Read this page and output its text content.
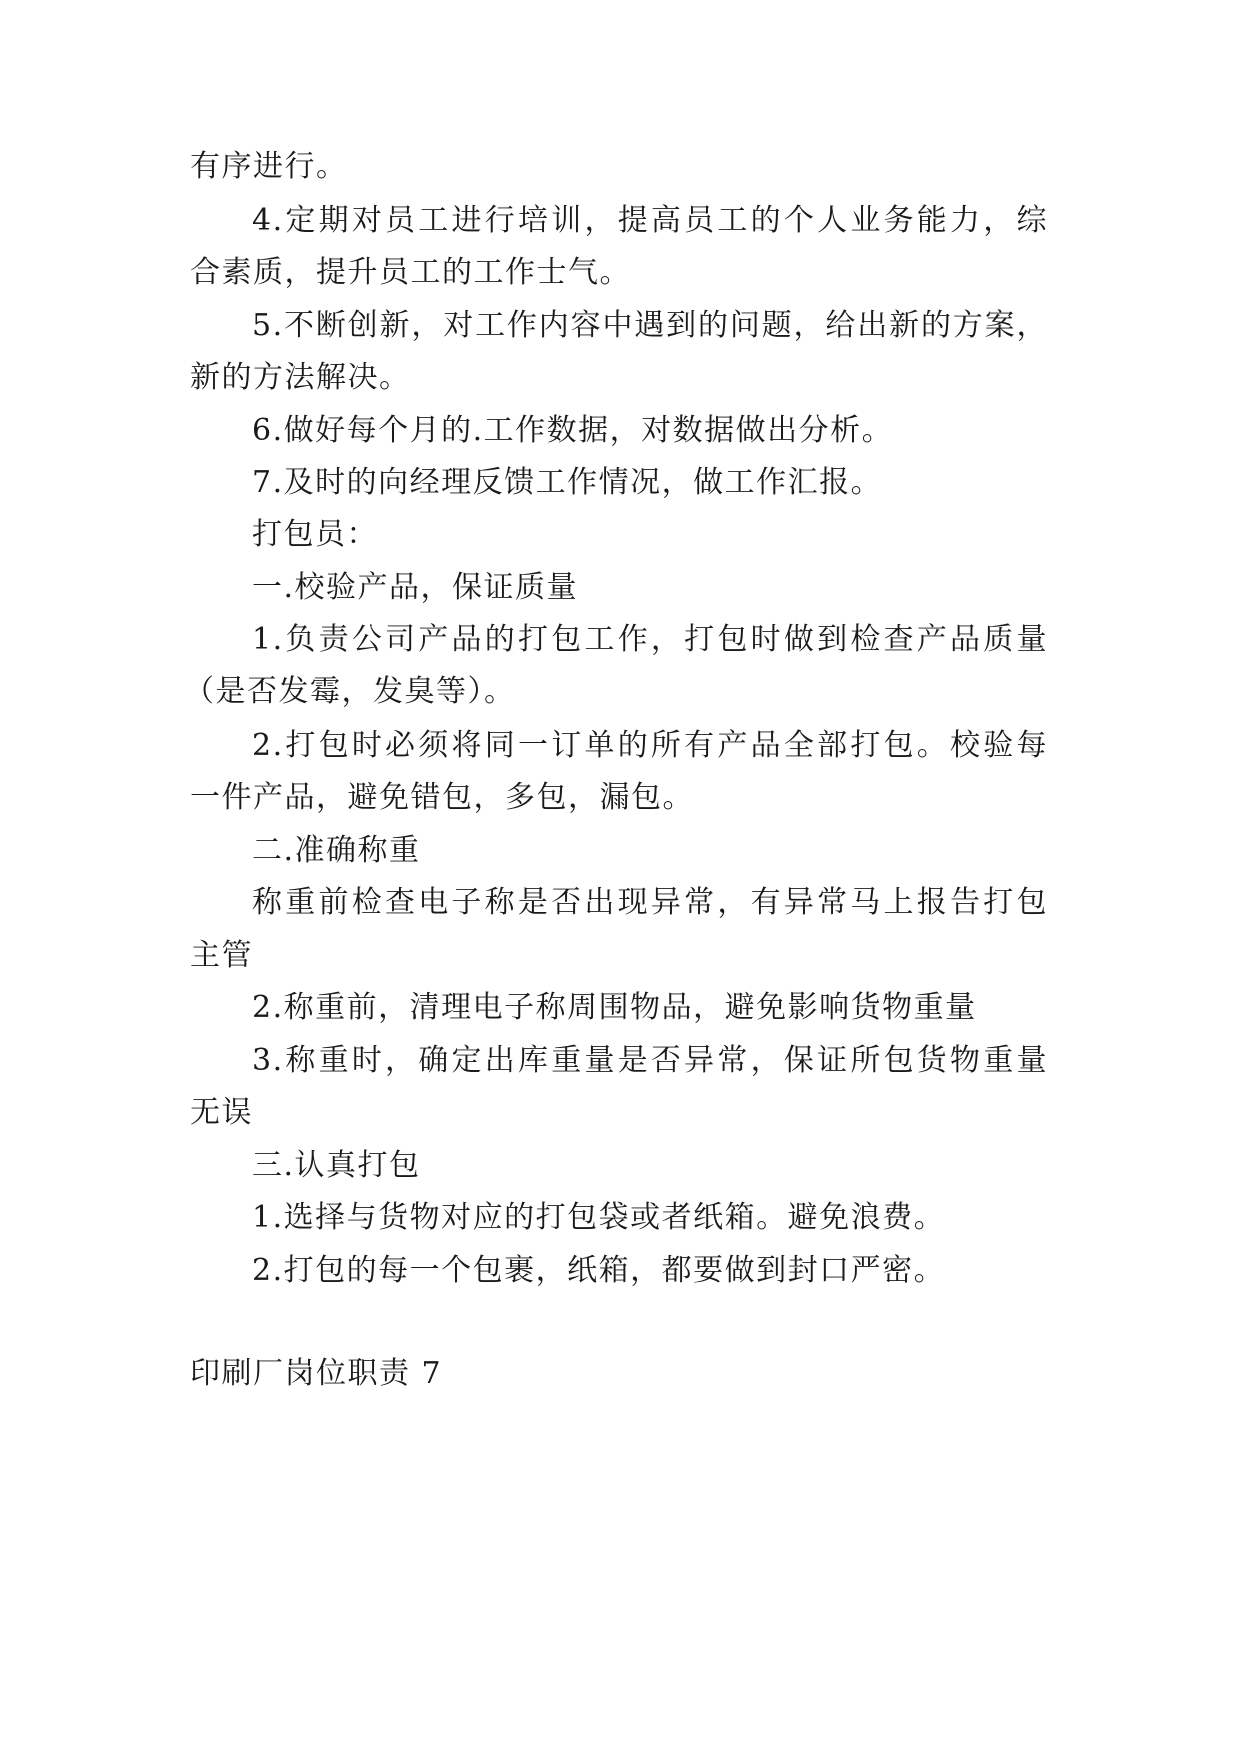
有序进行。
4.定期对员工进行培训，提高员工的个人业务能力，综
合素质，提升员工的工作士气。
5.不断创新，对工作内容中遇到的问题，给出新的方案，
新的方法解决。
6.做好每个月的.工作数据，对数据做出分析。
7.及时的向经理反馈工作情况，做工作汇报。
打包员：
一.校验产品，保证质量
1.负责公司产品的打包工作，打包时做到检查产品质量
（是否发霉，发臭等）。
2.打包时必须将同一订单的所有产品全部打包。校验每
一件产品，避免错包，多包，漏包。
二.准确称重
称重前检查电子称是否出现异常，有异常马上报告打包
主管
2.称重前，清理电子称周围物品，避免影响货物重量
3.称重时，确定出库重量是否异常，保证所包货物重量
无误
三.认真打包
1.选择与货物对应的打包袋或者纸箱。避免浪费。
2.打包的每一个包裹，纸箱，都要做到封口严密。
印刷厂岗位职责 7
